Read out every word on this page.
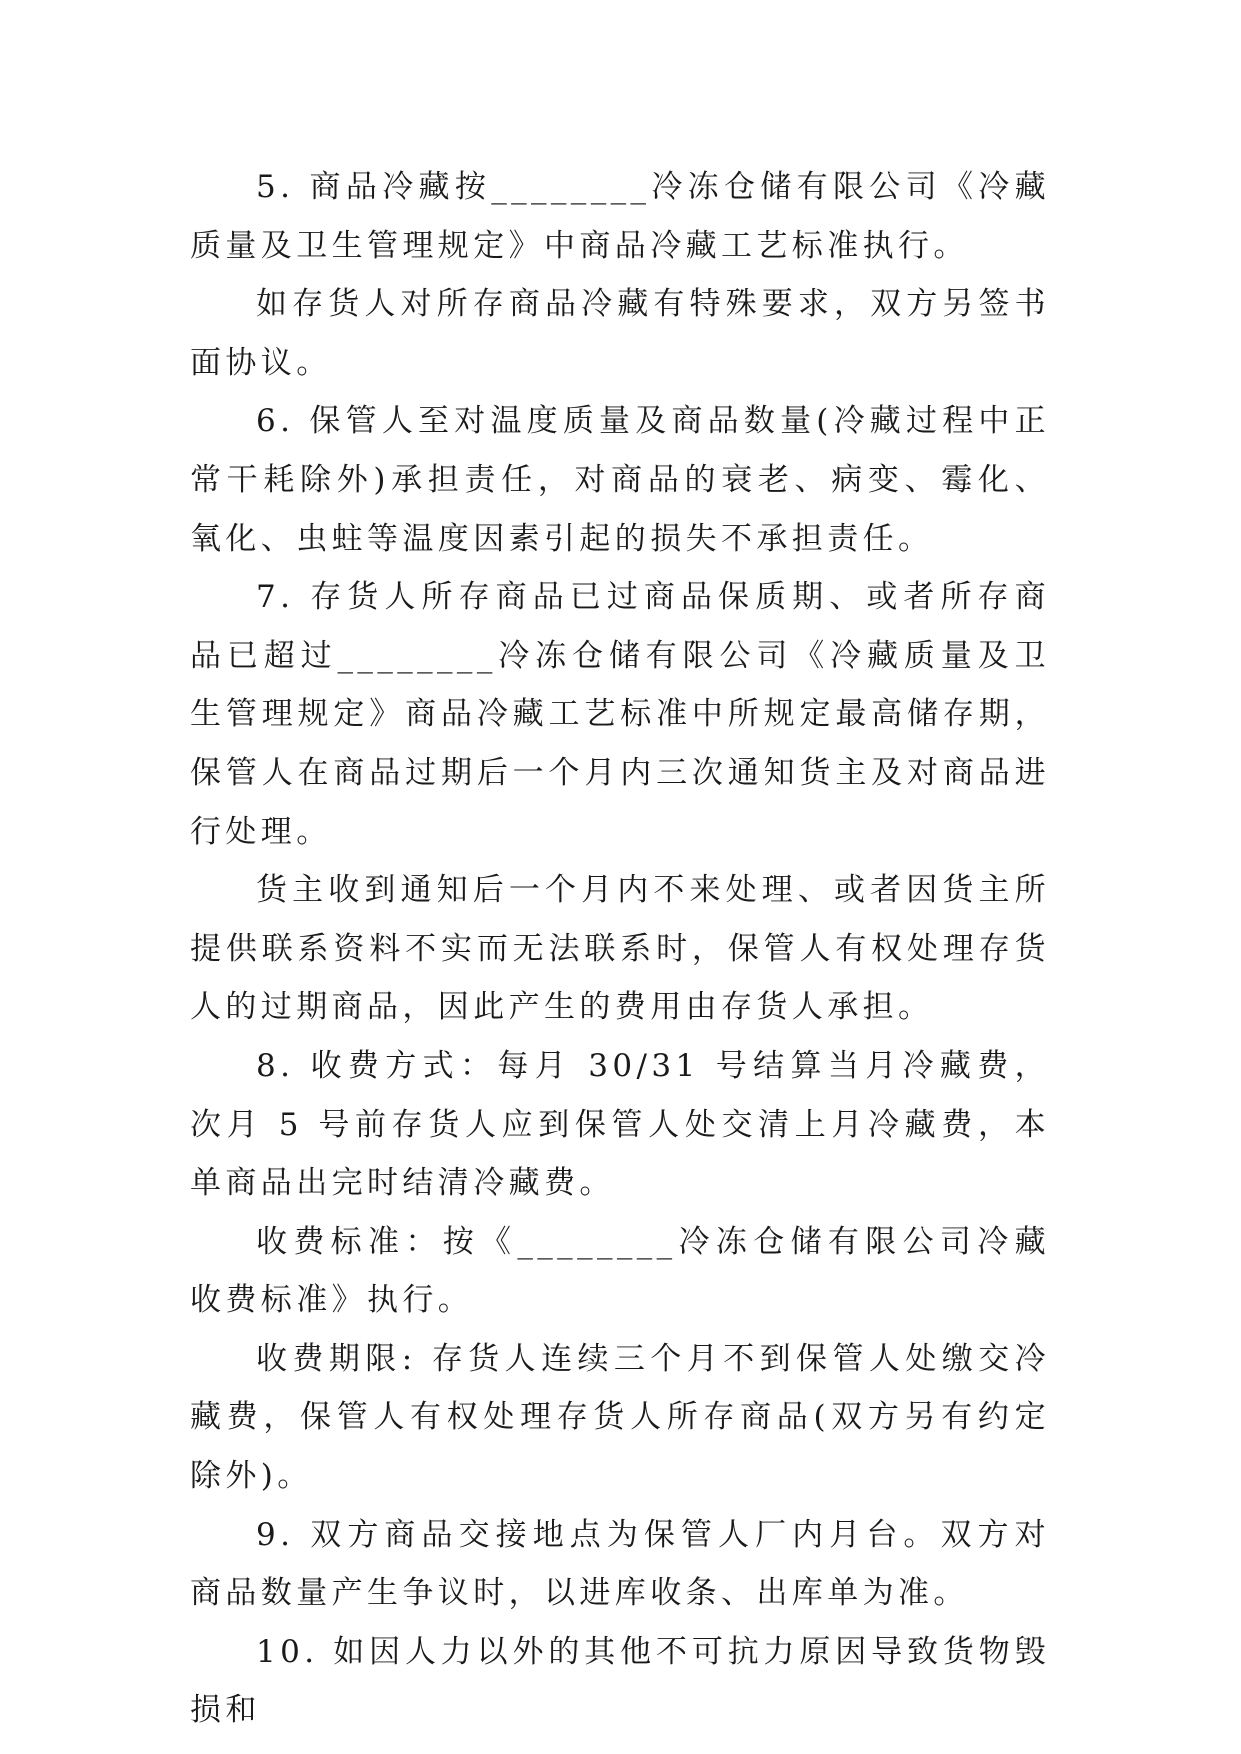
5. 商品冷藏按________冷冻仓储有限公司《冷藏质量及卫生管理规定》中商品冷藏工艺标准执行。

如存货人对所存商品冷藏有特殊要求，双方另签书面协议。

6. 保管人至对温度质量及商品数量(冷藏过程中正常干耗除外)承担责任，对商品的衰老、病变、霉化、氧化、虫蛀等温度因素引起的损失不承担责任。

7. 存货人所存商品已过商品保质期、或者所存商品已超过________冷冻仓储有限公司《冷藏质量及卫生管理规定》商品冷藏工艺标准中所规定最高储存期，保管人在商品过期后一个月内三次通知货主及对商品进行处理。

货主收到通知后一个月内不来处理、或者因货主所提供联系资料不实而无法联系时，保管人有权处理存货人的过期商品，因此产生的费用由存货人承担。

8. 收费方式：每月 30/31 号结算当月冷藏费，次月 5 号前存货人应到保管人处交清上月冷藏费，本单商品出完时结清冷藏费。

收费标准：按《________冷冻仓储有限公司冷藏收费标准》执行。

收费期限: 存货人连续三个月不到保管人处缴交冷藏费，保管人有权处理存货人所存商品(双方另有约定除外)。

9. 双方商品交接地点为保管人厂内月台。双方对商品数量产生争议时，以进库收条、出库单为准。

10. 如因人力以外的其他不可抗力原因导致货物毁损和
